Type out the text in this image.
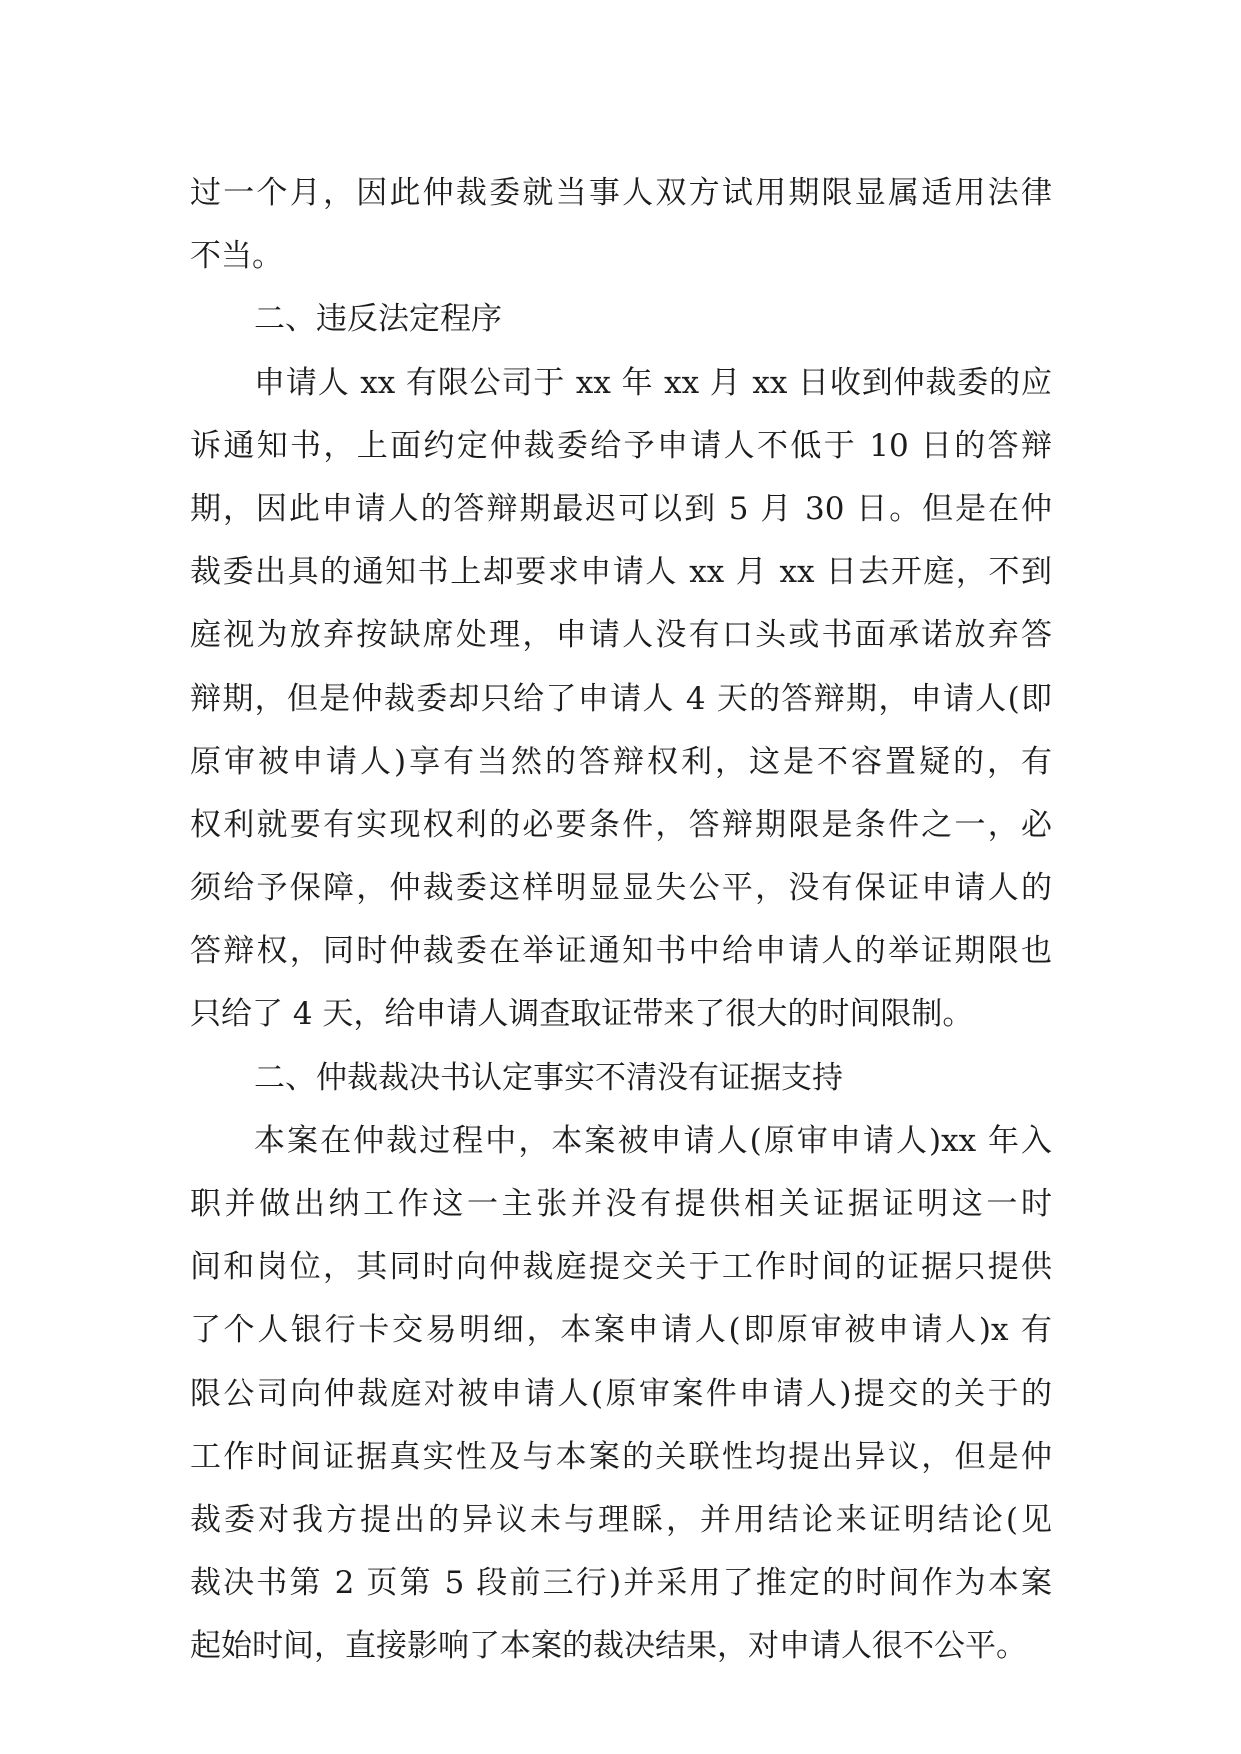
过一个月，因此仲裁委就当事人双方试用期限显属适用法律
不当。
二、违反法定程序
申请人 xx 有限公司于 xx 年 xx 月 xx 日收到仲裁委的应
诉通知书，上面约定仲裁委给予申请人不低于 10 日的答辩
期，因此申请人的答辩期最迟可以到 5 月 30 日。但是在仲
裁委出具的通知书上却要求申请人 xx 月 xx 日去开庭，不到
庭视为放弃按缺席处理，申请人没有口头或书面承诺放弃答
辩期，但是仲裁委却只给了申请人 4 天的答辩期，申请人(即
原审被申请人)享有当然的答辩权利，这是不容置疑的，有
权利就要有实现权利的必要条件，答辩期限是条件之一，必
须给予保障，仲裁委这样明显显失公平，没有保证申请人的
答辩权，同时仲裁委在举证通知书中给申请人的举证期限也
只给了 4 天，给申请人调查取证带来了很大的时间限制。
二、仲裁裁决书认定事实不清没有证据支持
本案在仲裁过程中，本案被申请人(原审申请人)xx 年入
职并做出纳工作这一主张并没有提供相关证据证明这一时
间和岗位，其同时向仲裁庭提交关于工作时间的证据只提供
了个人银行卡交易明细，本案申请人(即原审被申请人)x 有
限公司向仲裁庭对被申请人(原审案件申请人)提交的关于的
工作时间证据真实性及与本案的关联性均提出异议，但是仲
裁委对我方提出的异议未与理睬，并用结论来证明结论(见
裁决书第 2 页第 5 段前三行)并采用了推定的时间作为本案
起始时间，直接影响了本案的裁决结果，对申请人很不公平。
